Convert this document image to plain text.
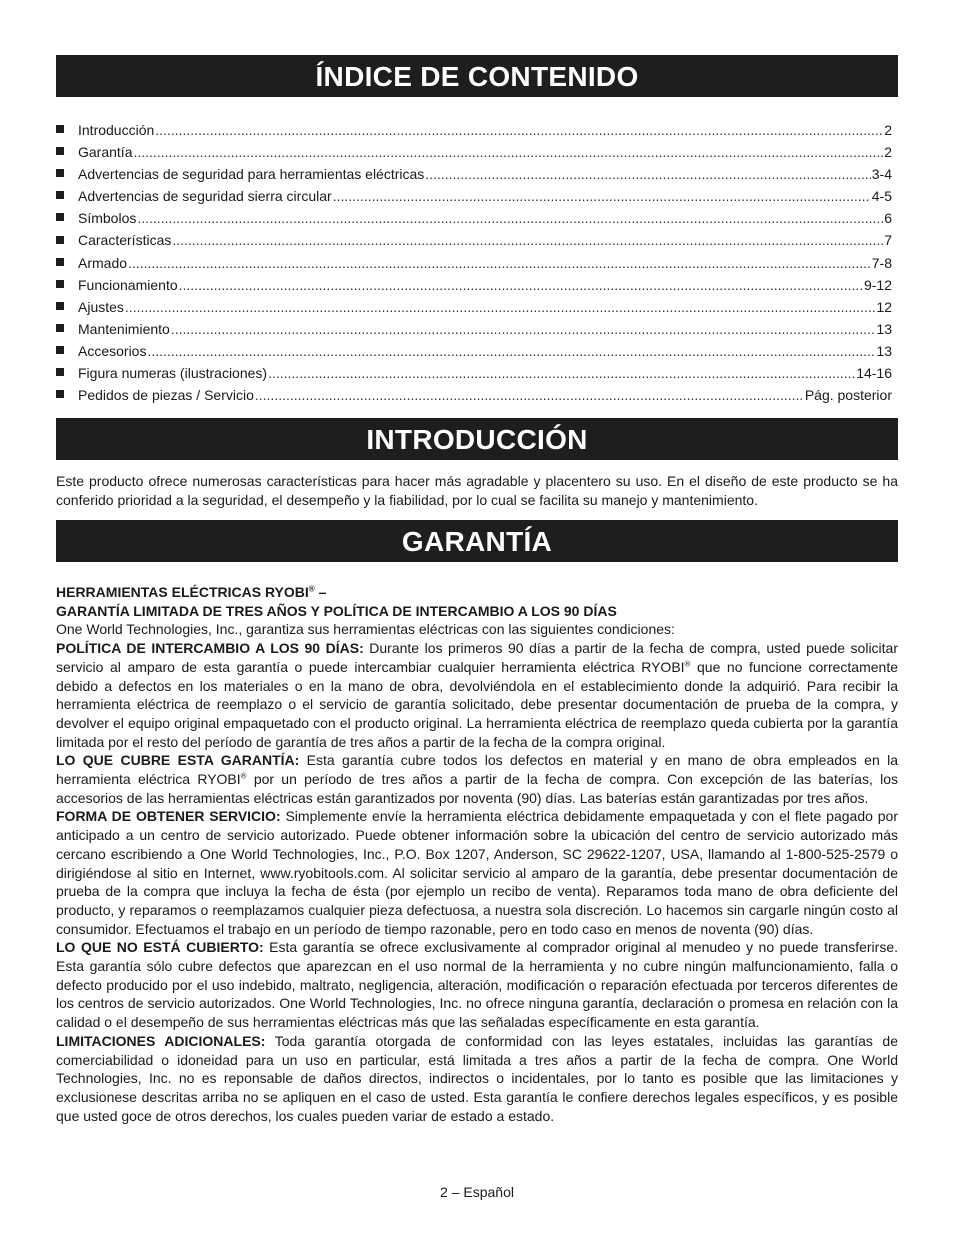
ÍNDICE DE CONTENIDO
Introducción .....	2
Garantía .....	2
Advertencias de seguridad para herramientas eléctricas .....	3-4
Advertencias de seguridad sierra circular .....	4-5
Símbolos .....	6
Características .....	7
Armado .....	7-8
Funcionamiento .....	9-12
Ajustes .....	12
Mantenimiento .....	13
Accesorios .....	13
Figura numeras (ilustraciones) .....	14-16
Pedidos de piezas / Servicio .....	Pág. posterior
INTRODUCCIÓN

Este producto ofrece numerosas características para hacer más agradable y placentero su uso. En el diseño de este producto se ha conferido prioridad a la seguridad, el desempeño y la fiabilidad, por lo cual se facilita su manejo y mantenimiento.

GARANTÍA

HERRAMIENTAS ELÉCTRICAS RYOBI® –

GARANTÍA LIMITADA DE TRES AÑOS Y POLÍTICA DE INTERCAMBIO A LOS 90 DÍAS

One World Technologies, Inc., garantiza sus herramientas eléctricas con las siguientes condiciones:

POLÍTICA DE INTERCAMBIO A LOS 90 DÍAS: Durante los primeros 90 días a partir de la fecha de compra, usted puede solicitar servicio al amparo de esta garantía o puede intercambiar cualquier herramienta eléctrica RYOBI® que no funcione correctamente debido a defectos en los materiales o en la mano de obra, devolviéndola en el establecimiento donde la adquirió. Para recibir la herramienta eléctrica de reemplazo o el servicio de garantía solicitado, debe presentar documentación de prueba de la compra, y devolver el equipo original empaquetado con el producto original. La herramienta eléctrica de reemplazo queda cubierta por la garantía limitada por el resto del período de garantía de tres años a partir de la fecha de la compra original.

LO QUE CUBRE ESTA GARANTÍA: Esta garantía cubre todos los defectos en material y en mano de obra empleados en la herramienta eléctrica RYOBI® por un período de tres años a partir de la fecha de compra. Con excepción de las baterías, los accesorios de las herramientas eléctricas están garantizados por noventa (90) días. Las baterías están garantizadas por tres años.

FORMA DE OBTENER SERVICIO: Simplemente envíe la herramienta eléctrica debidamente empaquetada y con el flete pagado por anticipado a un centro de servicio autorizado. Puede obtener información sobre la ubicación del centro de servicio autorizado más cercano escribiendo a One World Technologies, Inc., P.O. Box 1207, Anderson, SC 29622-1207, USA, llamando al 1-800-525-2579 o dirigiéndose al sitio en Internet, www.ryobitools.com. Al solicitar servicio al amparo de la garantía, debe presentar documentación de prueba de la compra que incluya la fecha de ésta (por ejemplo un recibo de venta). Reparamos toda mano de obra deficiente del producto, y reparamos o reemplazamos cualquier pieza defectuosa, a nuestra sola discreción. Lo hacemos sin cargarle ningún costo al consumidor. Efectuamos el trabajo en un período de tiempo razonable, pero en todo caso en menos de noventa (90) días.

LO QUE NO ESTÁ CUBIERTO: Esta garantía se ofrece exclusivamente al comprador original al menudeo y no puede transferirse. Esta garantía sólo cubre defectos que aparezcan en el uso normal de la herramienta y no cubre ningún malfuncionamiento, falla o defecto producido por el uso indebido, maltrato, negligencia, alteración, modificación o reparación efectuada por terceros diferentes de los centros de servicio autorizados. One World Technologies, Inc. no ofrece ninguna garantía, declaración o promesa en relación con la calidad o el desempeño de sus herramientas eléctricas más que las señaladas específicamente en esta garantía.

LIMITACIONES ADICIONALES: Toda garantía otorgada de conformidad con las leyes estatales, incluidas las garantías de comerciabilidad o idoneidad para un uso en particular, está limitada a tres años a partir de la fecha de compra. One World Technologies, Inc. no es reponsable de daños directos, indirectos o incidentales, por lo tanto es posible que las limitaciones y exclusionese descritas arriba no se apliquen en el caso de usted. Esta garantía le confiere derechos legales específicos, y es posible que usted goce de otros derechos, los cuales pueden variar de estado a estado.

2 – Español
